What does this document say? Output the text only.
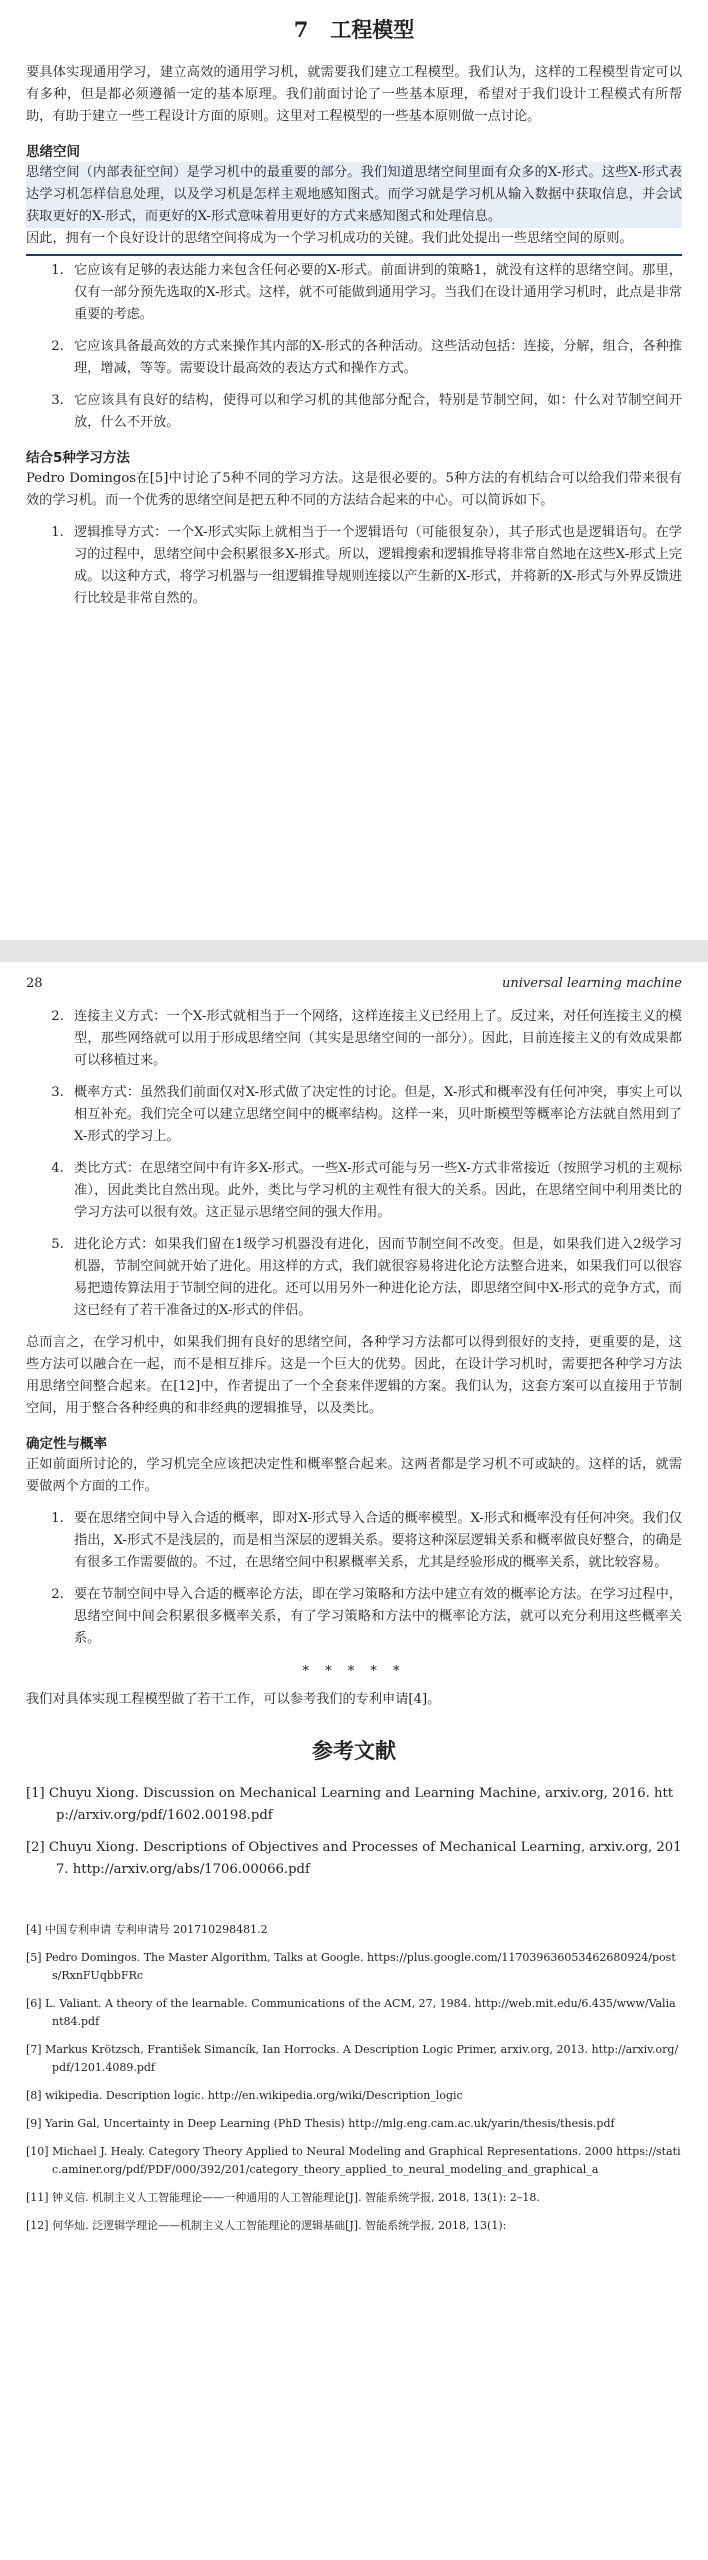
7 工程模型

要具体实现通用学习，建立高效的通用学习机，就需要我们建立工程模型。我们认为，这样的工程模型肯定可以有多种，但是都必须遵循一定的基本原理。我们前面讨论了一些基本原理，希望对于我们设计工程模式有所帮助，有助于建立一些工程设计方面的原则。这里对工程模型的一些基本原则做一点讨论。

思绪空间

思绪空间（内部表征空间）是学习机中的最重要的部分。我们知道思绪空间里面有众多的X-形式。这些X-形式表达学习机怎样信息处理，以及学习机是怎样主观地感知图式。而学习就是学习机从输入数据中获取信息，并会试获取更好的X-形式，而更好的X-形式意味着用更好的方式来感知图式和处理信息。

因此，拥有一个良好设计的思绪空间将成为一个学习机成功的关键。我们此处提出一些思绪空间的原则。

1. 它应该有足够的表达能力来包含任何必要的X-形式。前面讲到的策略1，就没有这样的思绪空间。那里，仅有一部分预先选取的X-形式。这样，就不可能做到通用学习。当我们在设计通用学习机时，此点是非常重要的考虑。
2. 它应该具备最高效的方式来操作其内部的X-形式的各种活动。这些活动包括：连接，分解，组合，各种推理，增减，等等。需要设计最高效的表达方式和操作方式。
3. 它应该具有良好的结构，使得可以和学习机的其他部分配合，特别是节制空间，如：什么对节制空间开放，什么不开放。
结合5种学习方法

Pedro Domingos在[5]中讨论了5种不同的学习方法。这是很必要的。5种方法的有机结合可以给我们带来很有效的学习机。而一个优秀的思绪空间是把五种不同的方法结合起来的中心。可以简诉如下。

1. 逻辑推导方式：一个X-形式实际上就相当于一个逻辑语句（可能很复杂），其子形式也是逻辑语句。在学习的过程中，思绪空间中会积累很多X-形式。所以，逻辑搜索和逻辑推导将非常自然地在这些X-形式上完成。以这种方式，将学习机器与一组逻辑推导规则连接以产生新的X-形式，并将新的X-形式与外界反馈进行比较是非常自然的。
28	universal learning machine
2. 连接主义方式：一个X-形式就相当于一个网络，这样连接主义已经用上了。反过来，对任何连接主义的模型，那些网络就可以用于形成思绪空间（其实是思绪空间的一部分）。因此，目前连接主义的有效成果都可以移植过来。
3. 概率方式：虽然我们前面仅对X-形式做了决定性的讨论。但是，X-形式和概率没有任何冲突，事实上可以相互补充。我们完全可以建立思绪空间中的概率结构。这样一来，贝叶斯模型等概率论方法就自然用到了X-形式的学习上。
4. 类比方式：在思绪空间中有许多X-形式。一些X-形式可能与另一些X-方式非常接近（按照学习机的主观标准），因此类比自然出现。此外，类比与学习机的主观性有很大的关系。因此，在思绪空间中利用类比的学习方法可以很有效。这正显示思绪空间的强大作用。
5. 进化论方式：如果我们留在1级学习机器没有进化，因而节制空间不改变。但是，如果我们进入2级学习机器，节制空间就开始了进化。用这样的方式，我们就很容易将进化论方法整合进来，如果我们可以很容易把遗传算法用于节制空间的进化。还可以用另外一种进化论方法，即思绪空间中X-形式的竞争方式，而这已经有了若干准备过的X-形式的伴侣。

总而言之，在学习机中，如果我们拥有良好的思绪空间，各种学习方法都可以得到很好的支持，更重要的是，这些方法可以融合在一起，而不是相互排斥。这是一个巨大的优势。因此，在设计学习机时，需要把各种学习方法用思绪空间整合起来。在[12]中，作者提出了一个全套来伴逻辑的方案。我们认为，这套方案可以直接用于节制空间，用于整合各种经典的和非经典的逻辑推导，以及类比。

确定性与概率

正如前面所讨论的，学习机完全应该把决定性和概率整合起来。这两者都是学习机不可或缺的。这样的话，就需要做两个方面的工作。

1. 要在思绪空间中导入合适的概率，即对X-形式导入合适的概率模型。X-形式和概率没有任何冲突。我们仅指出，X-形式不是浅层的，而是相当深层的逻辑关系。要将这种深层逻辑关系和概率做良好整合，的确是有很多工作需要做的。不过，在思绪空间中积累概率关系，尤其是经验形成的概率关系，就比较容易。
2. 要在节制空间中导入合适的概率论方法，即在学习策略和方法中建立有效的概率论方法。在学习过程中，思绪空间中间会积累很多概率关系，有了学习策略和方法中的概率论方法，就可以充分利用这些概率关系。
* * * * *

我们对具体实现工程模型做了若干工作，可以参考我们的专利申请[4]。

参考文献
[1] Chuyu Xiong. Discussion on Mechanical Learning and Learning Machine, arxiv.org, 2016. http://arxiv.org/pdf/1602.00198.pdf
[2] Chuyu Xiong. Descriptions of Objectives and Processes of Mechanical Learning, arxiv.org, 2017. http://arxiv.org/abs/1706.00066.pdf
[4] 中国专利申请 专利申请号 201710298481.2
[5] Pedro Domingos. The Master Algorithm, Talks at Google. https://plus.google.com/117039636053462680924/posts/RxnFUqbbFRc
[6] L. Valiant. A theory of the learnable. Communications of the ACM, 27, 1984. http://web.mit.edu/6.435/www/Valiant84.pdf
[7] Markus Krötzsch, František Simancík, Ian Horrocks. A Description Logic Primer, arxiv.org, 2013. http://arxiv.org/pdf/1201.4089.pdf
[8] wikipedia. Description logic. http://en.wikipedia.org/wiki/Description_logic
[9] Yarin Gal, Uncertainty in Deep Learning (PhD Thesis) http://mlg.eng.cam.ac.uk/yarin/thesis/thesis.pdf
[10] Michael J. Healy. Category Theory Applied to Neural Modeling and Graphical Representations. 2000 https://static.aminer.org/pdf/PDF/000/392/201/category_theory_applied_to_neural_modeling_and_graphical_a
[11] 钟义信. 机制主义人工智能理论——一种通用的人工智能理论[J]. 智能系统学报, 2018, 13(1): 2–18.
[12] 何华灿. 泛逻辑学理论——机制主义人工智能理论的逻辑基础[J]. 智能系统学报, 2018, 13(1):
